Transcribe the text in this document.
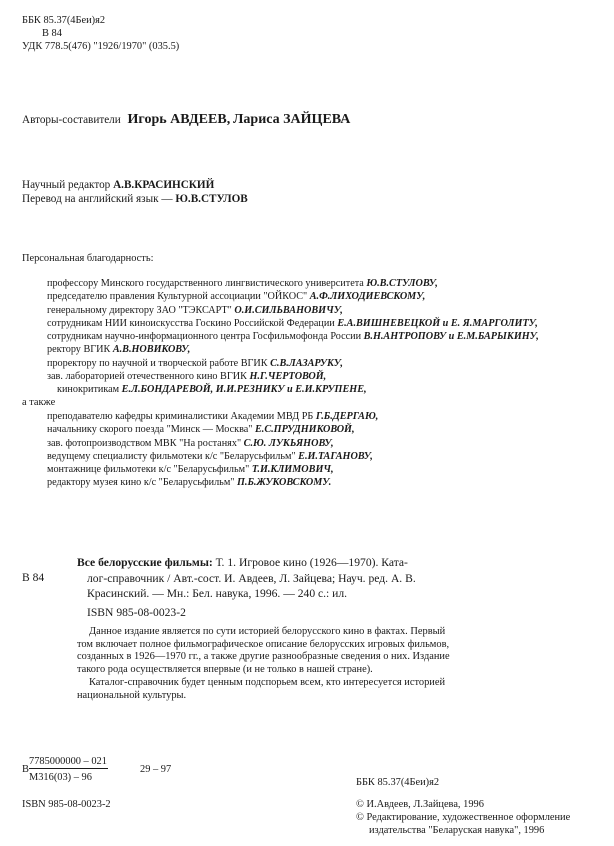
ББК 85.37(4Беи)я2
В 84
УДК 778.5(476) "1926/1970" (035.5)
Авторы-составители Игорь АВДЕЕВ, Лариса ЗАЙЦЕВА
Научный редактор А.В.КРАСИНСКИЙ
Перевод на английский язык — Ю.В.СТУЛОВ
Персональная благодарность:
профессору Минского государственного лингвистического университета Ю.В.СТУЛОВУ,
председателю правления Культурной ассоциации "ОЙКОС" А.Ф.ЛИХОДИЕВСКОМУ,
генеральному директору ЗАО "ТЭКСАРТ" О.И.СИЛЬВАНОВИЧУ,
сотрудникам НИИ киноискусства Госкино Российской Федерации Е.А.ВИШНЕВЕЦКОЙ и Е. Я.МАРГОЛИТУ,
сотрудникам научно-информационного центра Госфильмофонда России В.Н.АНТРОПОВУ и Е.М.БАРЫКИНУ,
ректору ВГИК А.В.НОВИКОВУ,
проректору по научной и творческой работе ВГИК С.В.ЛАЗАРУКУ,
зав. лабораторией отечественного кино ВГИК Н.Г.ЧЕРТОВОЙ,
кинокритикам Е.Л.БОНДАРЕВОЙ, И.И.РЕЗНИКУ и Е.И.КРУПЕНЕ,
а также
преподавателю кафедры криминалистики Академии МВД РБ Г.Б.ДЕРГАЮ,
начальнику скорого поезда "Минск — Москва" Е.С.ПРУДНИКОВОЙ,
зав. фотопроизводством МВК "На ростанях" С.Ю. ЛУКЬЯНОВУ,
ведущему специалисту фильмотеки к/с "Беларусьфильм" Е.И.ТАГАНОВУ,
монтажнице фильмотеки к/с "Беларусьфильм" Т.И.КЛИМОВИЧ,
редактору музея кино к/с "Беларусьфильм" П.Б.ЖУКОВСКОМУ.
В 84
Все белорусские фильмы: Т. 1. Игровое кино (1926—1970). Ката-
лог-справочник / Авт.-сост. И. Авдеев, Л. Зайцева; Науч. ред. А. В.
Красинский. — Мн.: Бел. навука, 1996. — 240 с.: ил.
ISBN 985-08-0023-2
Данное издание является по сути историей белорусского кино в фактах. Первый
том включает полное фильмографическое описание белорусских игровых фильмов,
созданных в 1926—1970 гг., а также другие разнообразные сведения о них. Издание
такого рода осуществляется впервые (и не только в нашей стране).
Каталог-справочник будет ценным подспорьем всем, кто интересуется историей
национальной культуры.
В
7785000000 – 021
М316(03) – 96
29 – 97
ISBN 985-08-0023-2
ББК 85.37(4Беи)я2
© И.Авдеев, Л.Зайцева, 1996
© Редактирование, художественное оформление
издательства "Беларуская навука", 1996
